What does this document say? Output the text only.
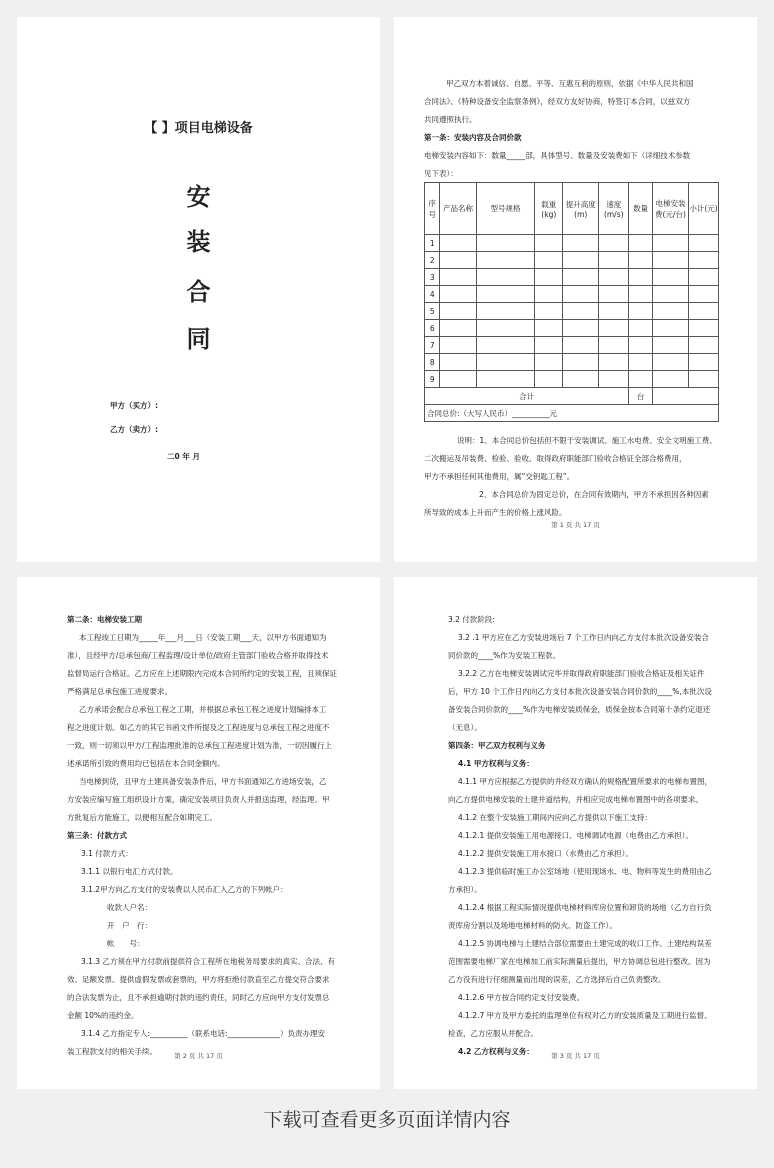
【 】项目电梯设备
安
装
合
同
甲方（买方）:
乙方（卖方）:
二0 年 月
甲乙双方本着诚信、自愿、平等、互惠互利的原则，依据《中华人民共和国
合同法》、《特种设备安全监察条例》，经双方友好协商，特签订本合同，以兹双方
共同遵照执行。
第一条：安装内容及合同价款
电梯安装内容如下：数量_____部，具体型号、数量及安装费如下（详细技术参数
见下表）：
序号	产品名称	型号规格	载重(kg)	提升高度(m)	速度(m/s)	数量	电梯安装费(元/台)	小计(元)
1								
2								
3								
4								
5								
6								
7								
8								
9								
合计						台		
合同总价:（大写人民币）__________元								
说明：1、本合同总价包括但不限于安装调试、施工水电费、安全文明施工费、
二次搬运及吊装费、检验、验收、取得政府职能部门验收合格证全部合格费用，
甲方不承担任何其他费用，属“交钥匙工程”。
2、本合同总价为固定总价，在合同有效期内，甲方不承担因各种因素
所导致的成本上升而产生的价格上涨风险。
第 1 页 共 17 页
第二条：电梯安装工期
本工程竣工日期为_____年___月___日（安装工期___天，以甲方书面通知为
准），且经甲方/总承包商/工程监理/设计单位/政府主管部门验收合格并取得技术
监督局运行合格证。乙方应在上述期限内完成本合同所约定的安装工程，且须保证
严格满足总承包施工进度要求。
乙方承诺会配合总承包工程之工期，并根据总承包工程之进度计划编排本工
程之进度计划。如乙方的其它书函文件所提及之工程进度与总承包工程之进度不
一致，则一切须以甲方/工程监理批准的总承包工程进度计划为准，一切因履行上
述承诺所引致的费用均已包括在本合同金额内。
当电梯到货，且甲方土建具备安装条件后，甲方书面通知乙方进场安装，乙
方安装应编写施工组织设计方案，确定安装项目负责人并报送监理，经监理、甲
方批复后方能施工，以便相互配合如期完工。
第三条：付款方式
3.1 付款方式：
3.1.1 以银行电汇方式付款。
3.1.2甲方向乙方支付的安装费以人民币汇入乙方的下列帐户：
收款人户名：
开　户　行：
帐　　号：
3.1.3 乙方须在甲方付款前提供符合工程所在地税务局要求的真实、合法、有
效、足额发票。提供虚假发票或套票的，甲方将拒绝付款直至乙方提交符合要求
的合法发票为止，且不承担逾期付款的违约责任，同时乙方应向甲方支付发票总
金额 10%的违约金。
3.1.4 乙方指定专人:__________（联系电话:______________）负责办理安
装工程款支付的相关手续。	第 2 页 共 17 页
3.2 付款阶段:
3.2 .1 甲方应在乙方安装进场后 7 个工作日内向乙方支付本批次设备安装合
同价款的____%作为安装工程款。
3.2.2 乙方在电梯安装调试完毕并取得政府职能部门验收合格证及相关证件
后，甲方 10 个工作日内向乙方支付本批次设备安装合同价款的____%,本批次设
备安装合同价款的____%作为电梯安装质保金，质保金按本合同第十条约定退还
（无息）。
第四条：甲乙双方权利与义务
4.1 甲方权利与义务：
4.1.1 甲方应根据乙方提供的并经双方确认的规格配置所要求的电梯布置图，
向乙方提供电梯安装的土建井道结构，并相应完成电梯布置图中的各项要求。
4.1.2 在整个安装施工期间内应向乙方提供以下施工支持：
4.1.2.1 提供安装施工用电源接口、电梯调试电源（电费由乙方承担）。
4.1.2.2 提供安装施工用水接口（水费由乙方承担）。
4.1.2.3 提供临时施工办公室场地（使用现场水、电、物料等发生的费用由乙
方承担）。
4.1.2.4 根据工程实际情况提供电梯材料库房位置和卸货的场地（乙方自行负
责库房分割以及场地电梯材料的防火、防盗工作）。
4.1.2.5 协调电梯与土建结合部位需要由土建完成的收口工作。土建结构误差
范围需要电梯厂家在电梯加工前实际测量后提出，甲方协调总包进行整改。因为
乙方没有进行仔细测量而出现的误差，乙方选择后自己负责整改。
4.1.2.6 甲方按合同约定支付安装费。
4.1.2.7 甲方及甲方委托的监理单位有权对乙方的安装质量及工期进行监督、
检查，乙方应服从并配合。
4.2 乙方权利与义务：	第 3 页 共 17 页
下载可查看更多页面详情内容
